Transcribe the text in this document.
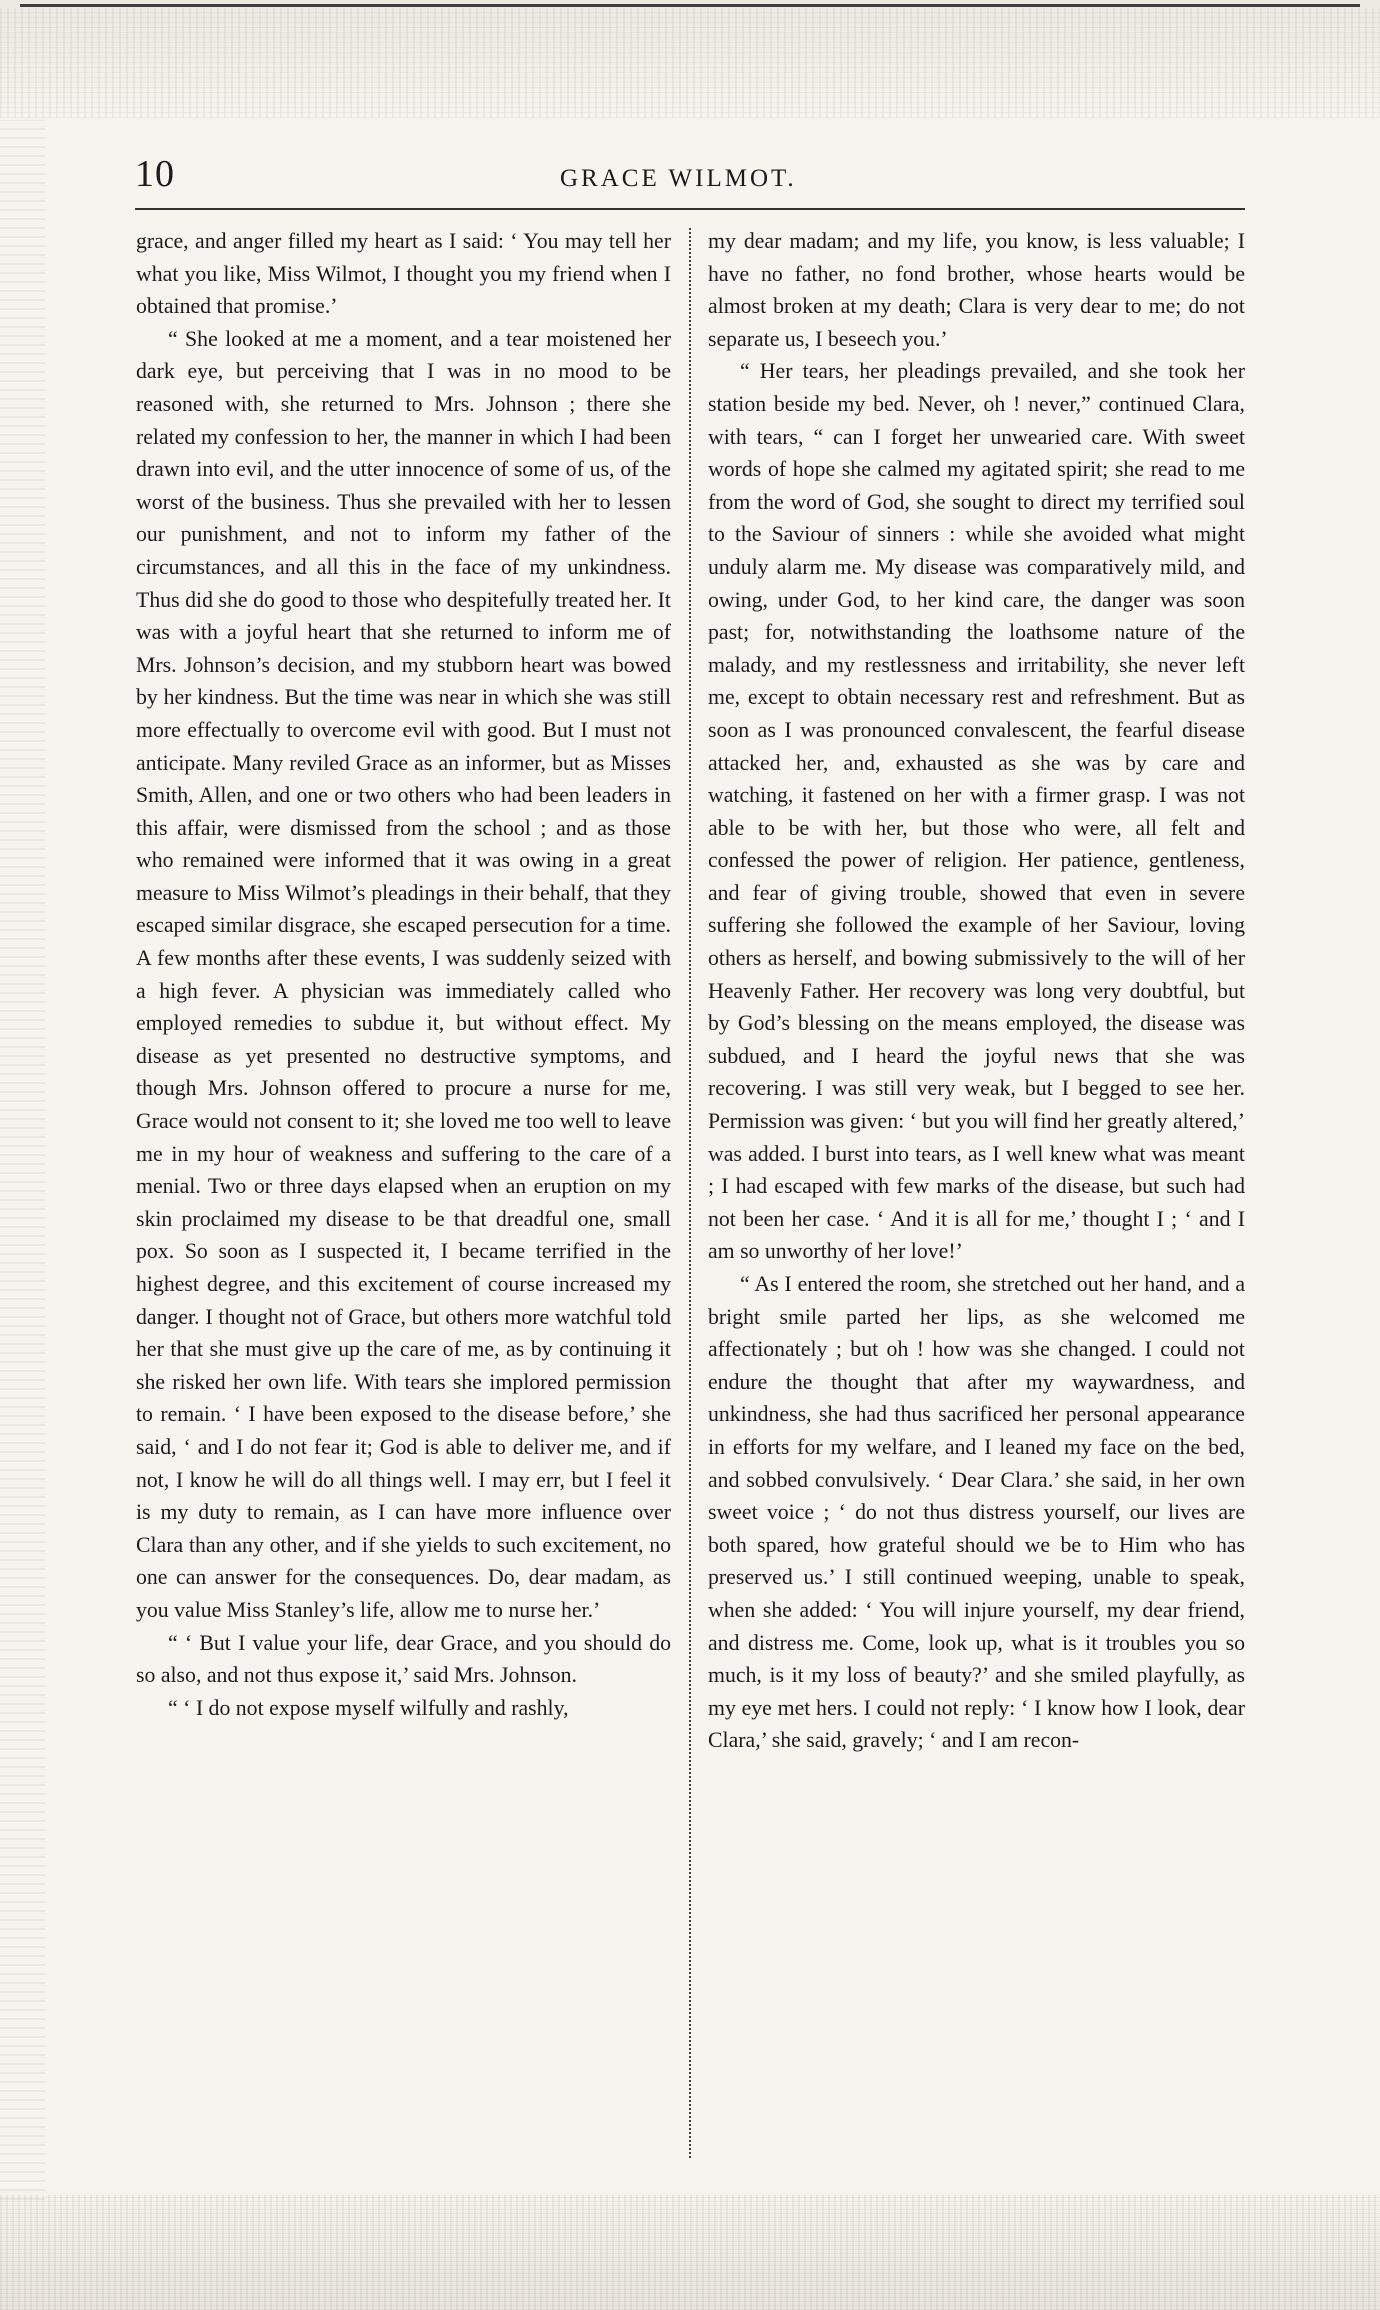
10	GRACE WILMOT.

grace, and anger filled my heart as I said: ‘ You may tell her what you like, Miss Wilmot, I thought you my friend when I obtained that promise.’

“ She looked at me a moment, and a tear moistened her dark eye, but perceiving that I was in no mood to be reasoned with, she returned to Mrs. Johnson ; there she related my confession to her, the manner in which I had been drawn into evil, and the utter innocence of some of us, of the worst of the business. Thus she prevailed with her to lessen our punishment, and not to inform my father of the circumstances, and all this in the face of my unkindness. Thus did she do good to those who despitefully treated her. It was with a joyful heart that she returned to inform me of Mrs. Johnson’s decision, and my stubborn heart was bowed by her kindness. But the time was near in which she was still more effectually to overcome evil with good. But I must not anticipate. Many reviled Grace as an informer, but as Misses Smith, Allen, and one or two others who had been leaders in this affair, were dismissed from the school ; and as those who remained were informed that it was owing in a great measure to Miss Wilmot’s pleadings in their behalf, that they escaped similar disgrace, she escaped persecution for a time. A few months after these events, I was suddenly seized with a high fever. A physician was immediately called who employed remedies to subdue it, but without effect. My disease as yet presented no destructive symptoms, and though Mrs. Johnson offered to procure a nurse for me, Grace would not consent to it; she loved me too well to leave me in my hour of weakness and suffering to the care of a menial. Two or three days elapsed when an eruption on my skin proclaimed my disease to be that dreadful one, small pox. So soon as I suspected it, I became terrified in the highest degree, and this excitement of course increased my danger. I thought not of Grace, but others more watchful told her that she must give up the care of me, as by continuing it she risked her own life. With tears she implored permission to remain. ‘ I have been exposed to the disease before,’ she said, ‘ and I do not fear it; God is able to deliver me, and if not, I know he will do all things well. I may err, but I feel it is my duty to remain, as I can have more influence over Clara than any other, and if she yields to such excitement, no one can answer for the consequences. Do, dear madam, as you value Miss Stanley’s life, allow me to nurse her.’

“ ‘ But I value your life, dear Grace, and you should do so also, and not thus expose it,’ said Mrs. Johnson.

“ ‘ I do not expose myself wilfully and rashly,

my dear madam; and my life, you know, is less valuable; I have no father, no fond brother, whose hearts would be almost broken at my death; Clara is very dear to me; do not separate us, I beseech you.’

“ Her tears, her pleadings prevailed, and she took her station beside my bed. Never, oh ! never,” continued Clara, with tears, “ can I forget her unwearied care. With sweet words of hope she calmed my agitated spirit; she read to me from the word of God, she sought to direct my terrified soul to the Saviour of sinners : while she avoided what might unduly alarm me. My disease was comparatively mild, and owing, under God, to her kind care, the danger was soon past; for, notwithstanding the loathsome nature of the malady, and my restlessness and irritability, she never left me, except to obtain necessary rest and refreshment. But as soon as I was pronounced convalescent, the fearful disease attacked her, and, exhausted as she was by care and watching, it fastened on her with a firmer grasp. I was not able to be with her, but those who were, all felt and confessed the power of religion. Her patience, gentleness, and fear of giving trouble, showed that even in severe suffering she followed the example of her Saviour, loving others as herself, and bowing submissively to the will of her Heavenly Father. Her recovery was long very doubtful, but by God’s blessing on the means employed, the disease was subdued, and I heard the joyful news that she was recovering. I was still very weak, but I begged to see her. Permission was given: ‘ but you will find her greatly altered,’ was added. I burst into tears, as I well knew what was meant ; I had escaped with few marks of the disease, but such had not been her case. ‘ And it is all for me,’ thought I ; ‘ and I am so unworthy of her love!’

“ As I entered the room, she stretched out her hand, and a bright smile parted her lips, as she welcomed me affectionately ; but oh ! how was she changed. I could not endure the thought that after my waywardness, and unkindness, she had thus sacrificed her personal appearance in efforts for my welfare, and I leaned my face on the bed, and sobbed convulsively. ‘ Dear Clara.’ she said, in her own sweet voice ; ‘ do not thus distress yourself, our lives are both spared, how grateful should we be to Him who has preserved us.’ I still continued weeping, unable to speak, when she added: ‘ You will injure yourself, my dear friend, and distress me. Come, look up, what is it troubles you so much, is it my loss of beauty?’ and she smiled playfully, as my eye met hers. I could not reply: ‘ I know how I look, dear Clara,’ she said, gravely; ‘ and I am recon-
